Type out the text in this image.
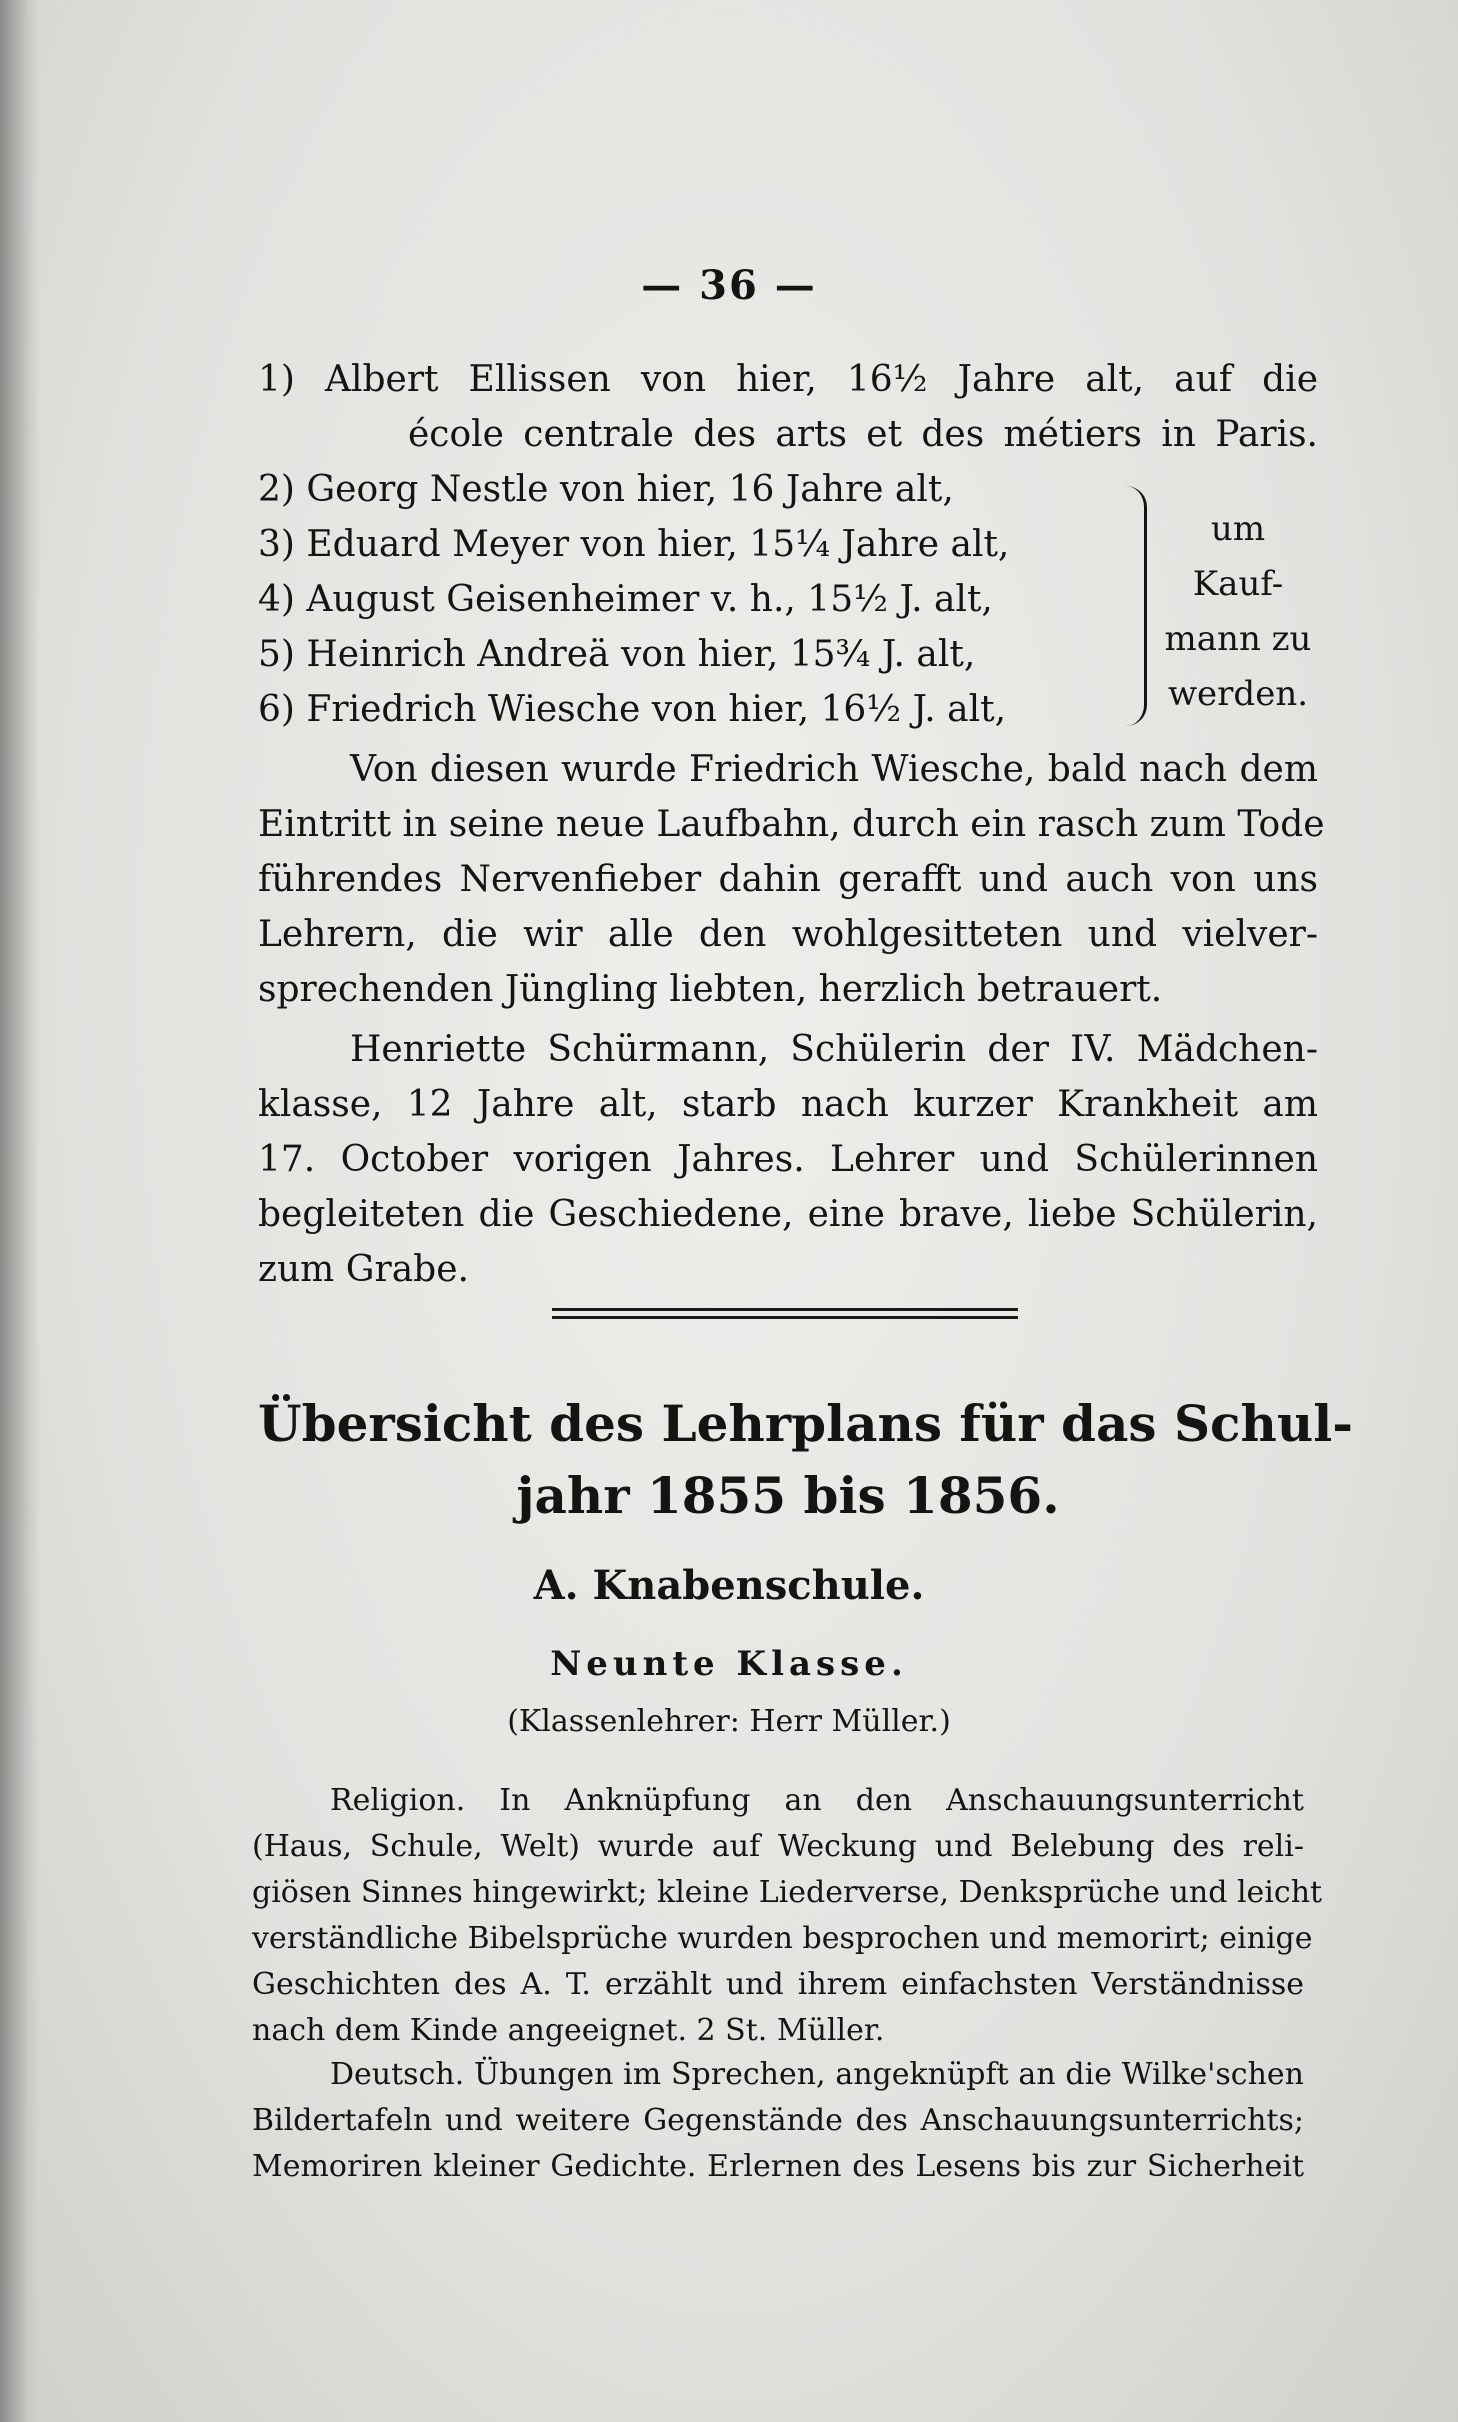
— 36 —
1) Albert Ellissen von hier, 16½ Jahre alt, auf die
école centrale des arts et des métiers in Paris.
2) Georg Nestle von hier, 16 Jahre alt,
3) Eduard Meyer von hier, 15¼ Jahre alt,
4) August Geisenheimer v. h., 15½ J. alt,
5) Heinrich Andreä von hier, 15¾ J. alt,
6) Friedrich Wiesche von hier, 16½ J. alt,
um
Kauf-
mann zu
werden.
Von diesen wurde Friedrich Wiesche, bald nach dem
Eintritt in seine neue Laufbahn, durch ein rasch zum Tode
führendes Nervenfieber dahin gerafft und auch von uns
Lehrern, die wir alle den wohlgesitteten und vielver-
sprechenden Jüngling liebten, herzlich betrauert.
Henriette Schürmann, Schülerin der IV. Mädchen-
klasse, 12 Jahre alt, starb nach kurzer Krankheit am
17. October vorigen Jahres. Lehrer und Schülerinnen
begleiteten die Geschiedene, eine brave, liebe Schülerin,
zum Grabe.
Übersicht des Lehrplans für das Schul-
jahr 1855 bis 1856.
A. Knabenschule.
Neunte Klasse.
(Klassenlehrer: Herr Müller.)
Religion. In Anknüpfung an den Anschauungsunterricht
(Haus, Schule, Welt) wurde auf Weckung und Belebung des reli-
giösen Sinnes hingewirkt; kleine Liederverse, Denksprüche und leicht
verständliche Bibelsprüche wurden besprochen und memorirt; einige
Geschichten des A. T. erzählt und ihrem einfachsten Verständnisse
nach dem Kinde angeeignet. 2 St. Müller.
Deutsch. Übungen im Sprechen, angeknüpft an die Wilke'schen
Bildertafeln und weitere Gegenstände des Anschauungsunterrichts;
Memoriren kleiner Gedichte. Erlernen des Lesens bis zur Sicherheit
